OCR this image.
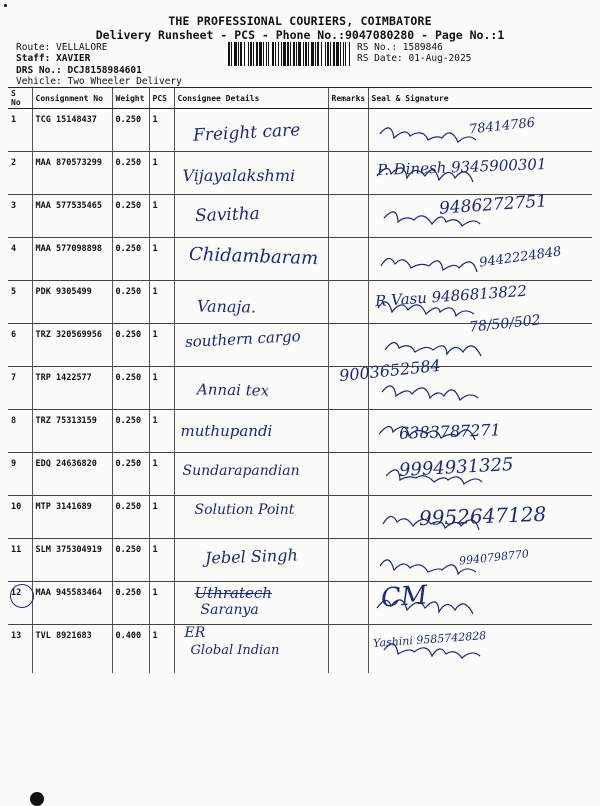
THE PROFESSIONAL COURIERS, COIMBATORE
Delivery Runsheet - PCS - Phone No.:9047080280 - Page No.:1
Route: VELLALORE
Staff: XAVIER
DRS No.: DCJ8158984601
Vehicle: Two Wheeler Delivery
RS No.: 1589846
RS Date: 01-Aug-2025
S No	Consignment No	Weight	PCS	Consignee Details	Remarks	Seal & Signature
1	TCG 15148437	0.250	1	Freight care		78414786

2	MAA 870573299	0.250	1	Vijayalakshmi		P. Dinesh 9345900301

3	MAA 577535465	0.250	1	Savitha		9486272751

4	MAA 577098898	0.250	1	Chidambaram		9442224848

5	PDK 9305499	0.250	1	Vanaja.		R Vasu 9486813822

6	TRZ 320569956	0.250	1	southern cargo		78/50/502

7	TRP 1422577	0.250	1	Annai tex		9003652584

8	TRZ 75313159	0.250	1	muthupandi		6383787271

9	EDQ 24636820	0.250	1	Sundarapandian		9994931325

10	MTP 3141689	0.250	1	Solution Point		9952647128

11	SLM 375304919	0.250	1	Jebel Singh		9940798770

12	MAA 945583464	0.250	1	Uthratech
Saranya		CM

13	TVL 8921683	0.400	1	ER
Global Indian		Yashini 9585742828
